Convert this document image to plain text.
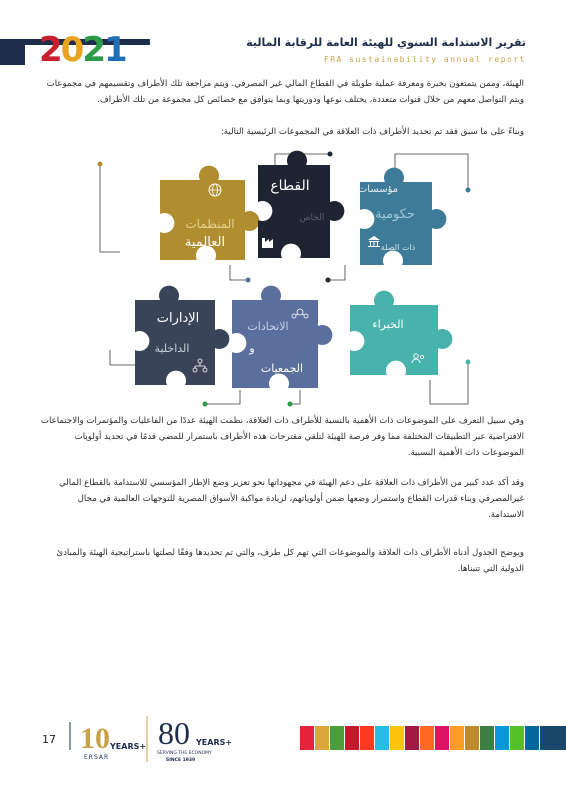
2021	تقرير الاستدامة السنوي للهيئة العامة للرقابة المالية
FRA sustainability annual report
الهيئة، وممن يتمتعون بخبرة ومعرفة عملية طويلة في القطاع المالي غير المصرفي. ويتم مراجعة تلك الأطراف وتقسيمهم في مجموعات ويتم التواصل معهم من خلال قنوات متعددة، يختلف نوعها ودوريتها وبما يتوافق مع خصائص كل مجموعة من تلك الأطراف.
وبناءً على ما سبق فقد تم تحديد الأطراف ذات العلاقة في المجموعات الرئيسية التالية:
المنظمات
العالمية
القطاع
الخاص
مؤسسات
حكومية
ذات الصلة
الإدارات
الداخلية
الاتحادات
و
الجمعيات
الخبراء
وفي سبيل التعرف على الموضوعات ذات الأهمية بالنسبة للأطراف ذات العلاقة، نظمت الهيئة عددًا من الفاعليات والمؤتمرات والاجتماعات الافتراضية عبر التطبيقات المختلفة مما وفر فرصة للهيئة لتلقي مقترحات هذه الأطراف باستمرار للمضي قدمًا في تحديد أولويات الموضوعات ذات الأهمية النسبية.
وقد أكد عدد كبير من الأطراف ذات العلاقة على دعم الهيئة في مجهوداتها نحو تعزيز وضع الإطار المؤسسي للاستدامة بالقطاع المالي غيرالمصرفي وبناء قدرات القطاع واستمرار وضعها ضمن أولوياتهم، لزيادة مواكبة الأسواق المصرية للتوجهات العالمية في مجال الاستدامة.
ويوضح الجدول أدناه الأطراف ذات العلاقة والموضوعات التي تهم كل طرف، والتي تم تحديدها وفقًا لصلتها باستراتيجية الهيئة والمبادئ الدولية التي تتبناها.
17 10 YEARS+
ERSAR
80 YEARS+
SERVING THE ECONOMY
SINCE 1939
